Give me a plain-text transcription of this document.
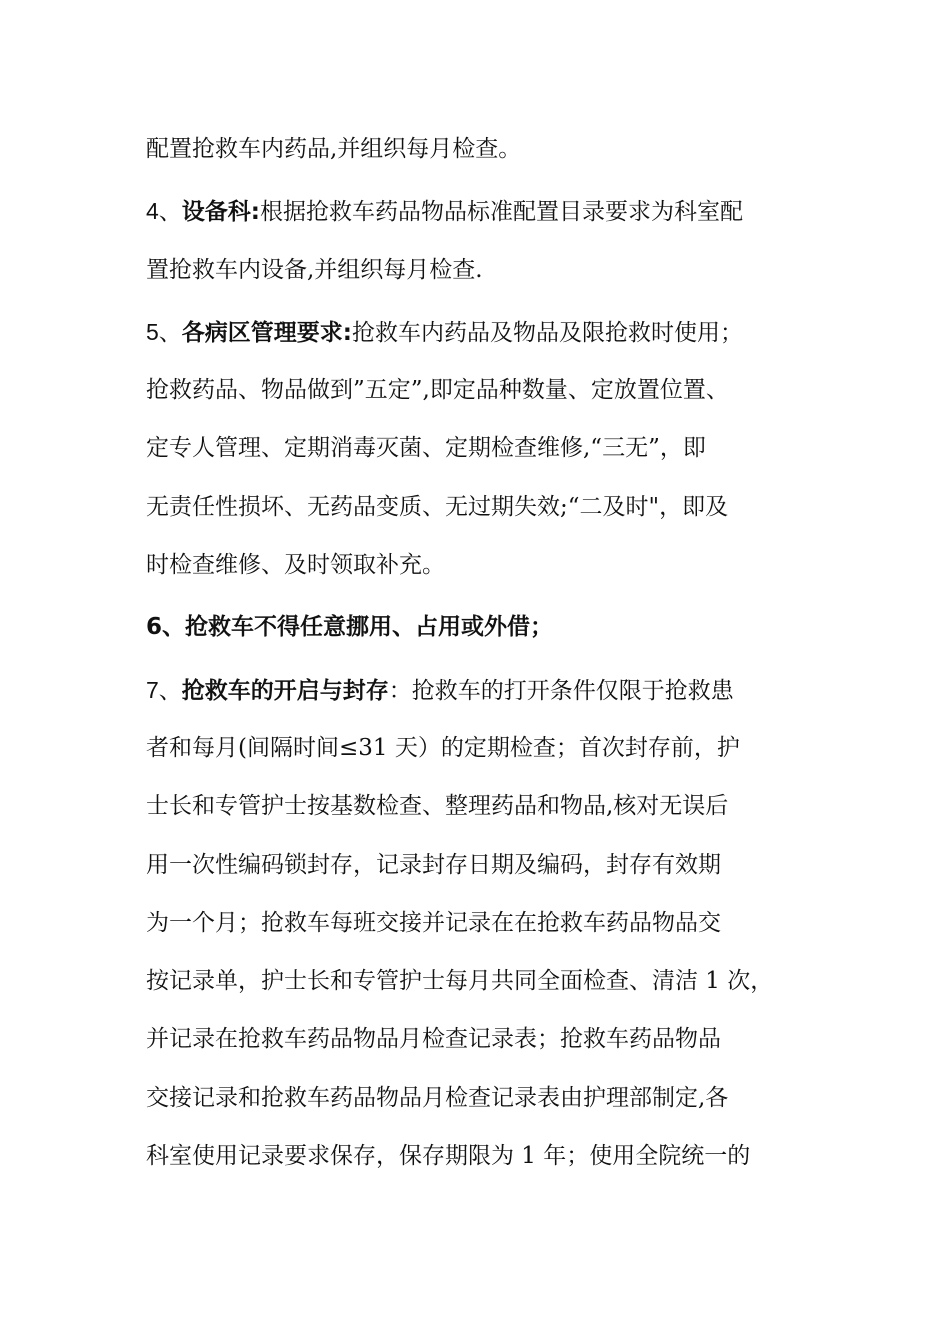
配置抢救车内药品,并组织每月检查。
4、设备科:根据抢救车药品物品标准配置目录要求为科室配
置抢救车内设备,并组织每月检查.
5、各病区管理要求:抢救车内药品及物品及限抢救时使用；
抢救药品、物品做到”五定”,即定品种数量、定放置位置、
定专人管理、定期消毒灭菌、定期检查维修,“三无”，即
无责任性损坏、无药品变质、无过期失效;“二及时"，即及
时检查维修、及时领取补充。
6、抢救车不得任意挪用、占用或外借；
7、抢救车的开启与封存：抢救车的打开条件仅限于抢救患
者和每月(间隔时间≤31 天）的定期检查；首次封存前，护
士长和专管护士按基数检查、整理药品和物品,核对无误后
用一次性编码锁封存，记录封存日期及编码，封存有效期
为一个月；抢救车每班交接并记录在在抢救车药品物品交
按记录单，护士长和专管护士每月共同全面检查、清洁 1 次，
并记录在抢救车药品物品月检查记录表；抢救车药品物品
交接记录和抢救车药品物品月检查记录表由护理部制定,各
科室使用记录要求保存，保存期限为 1 年；使用全院统一的
